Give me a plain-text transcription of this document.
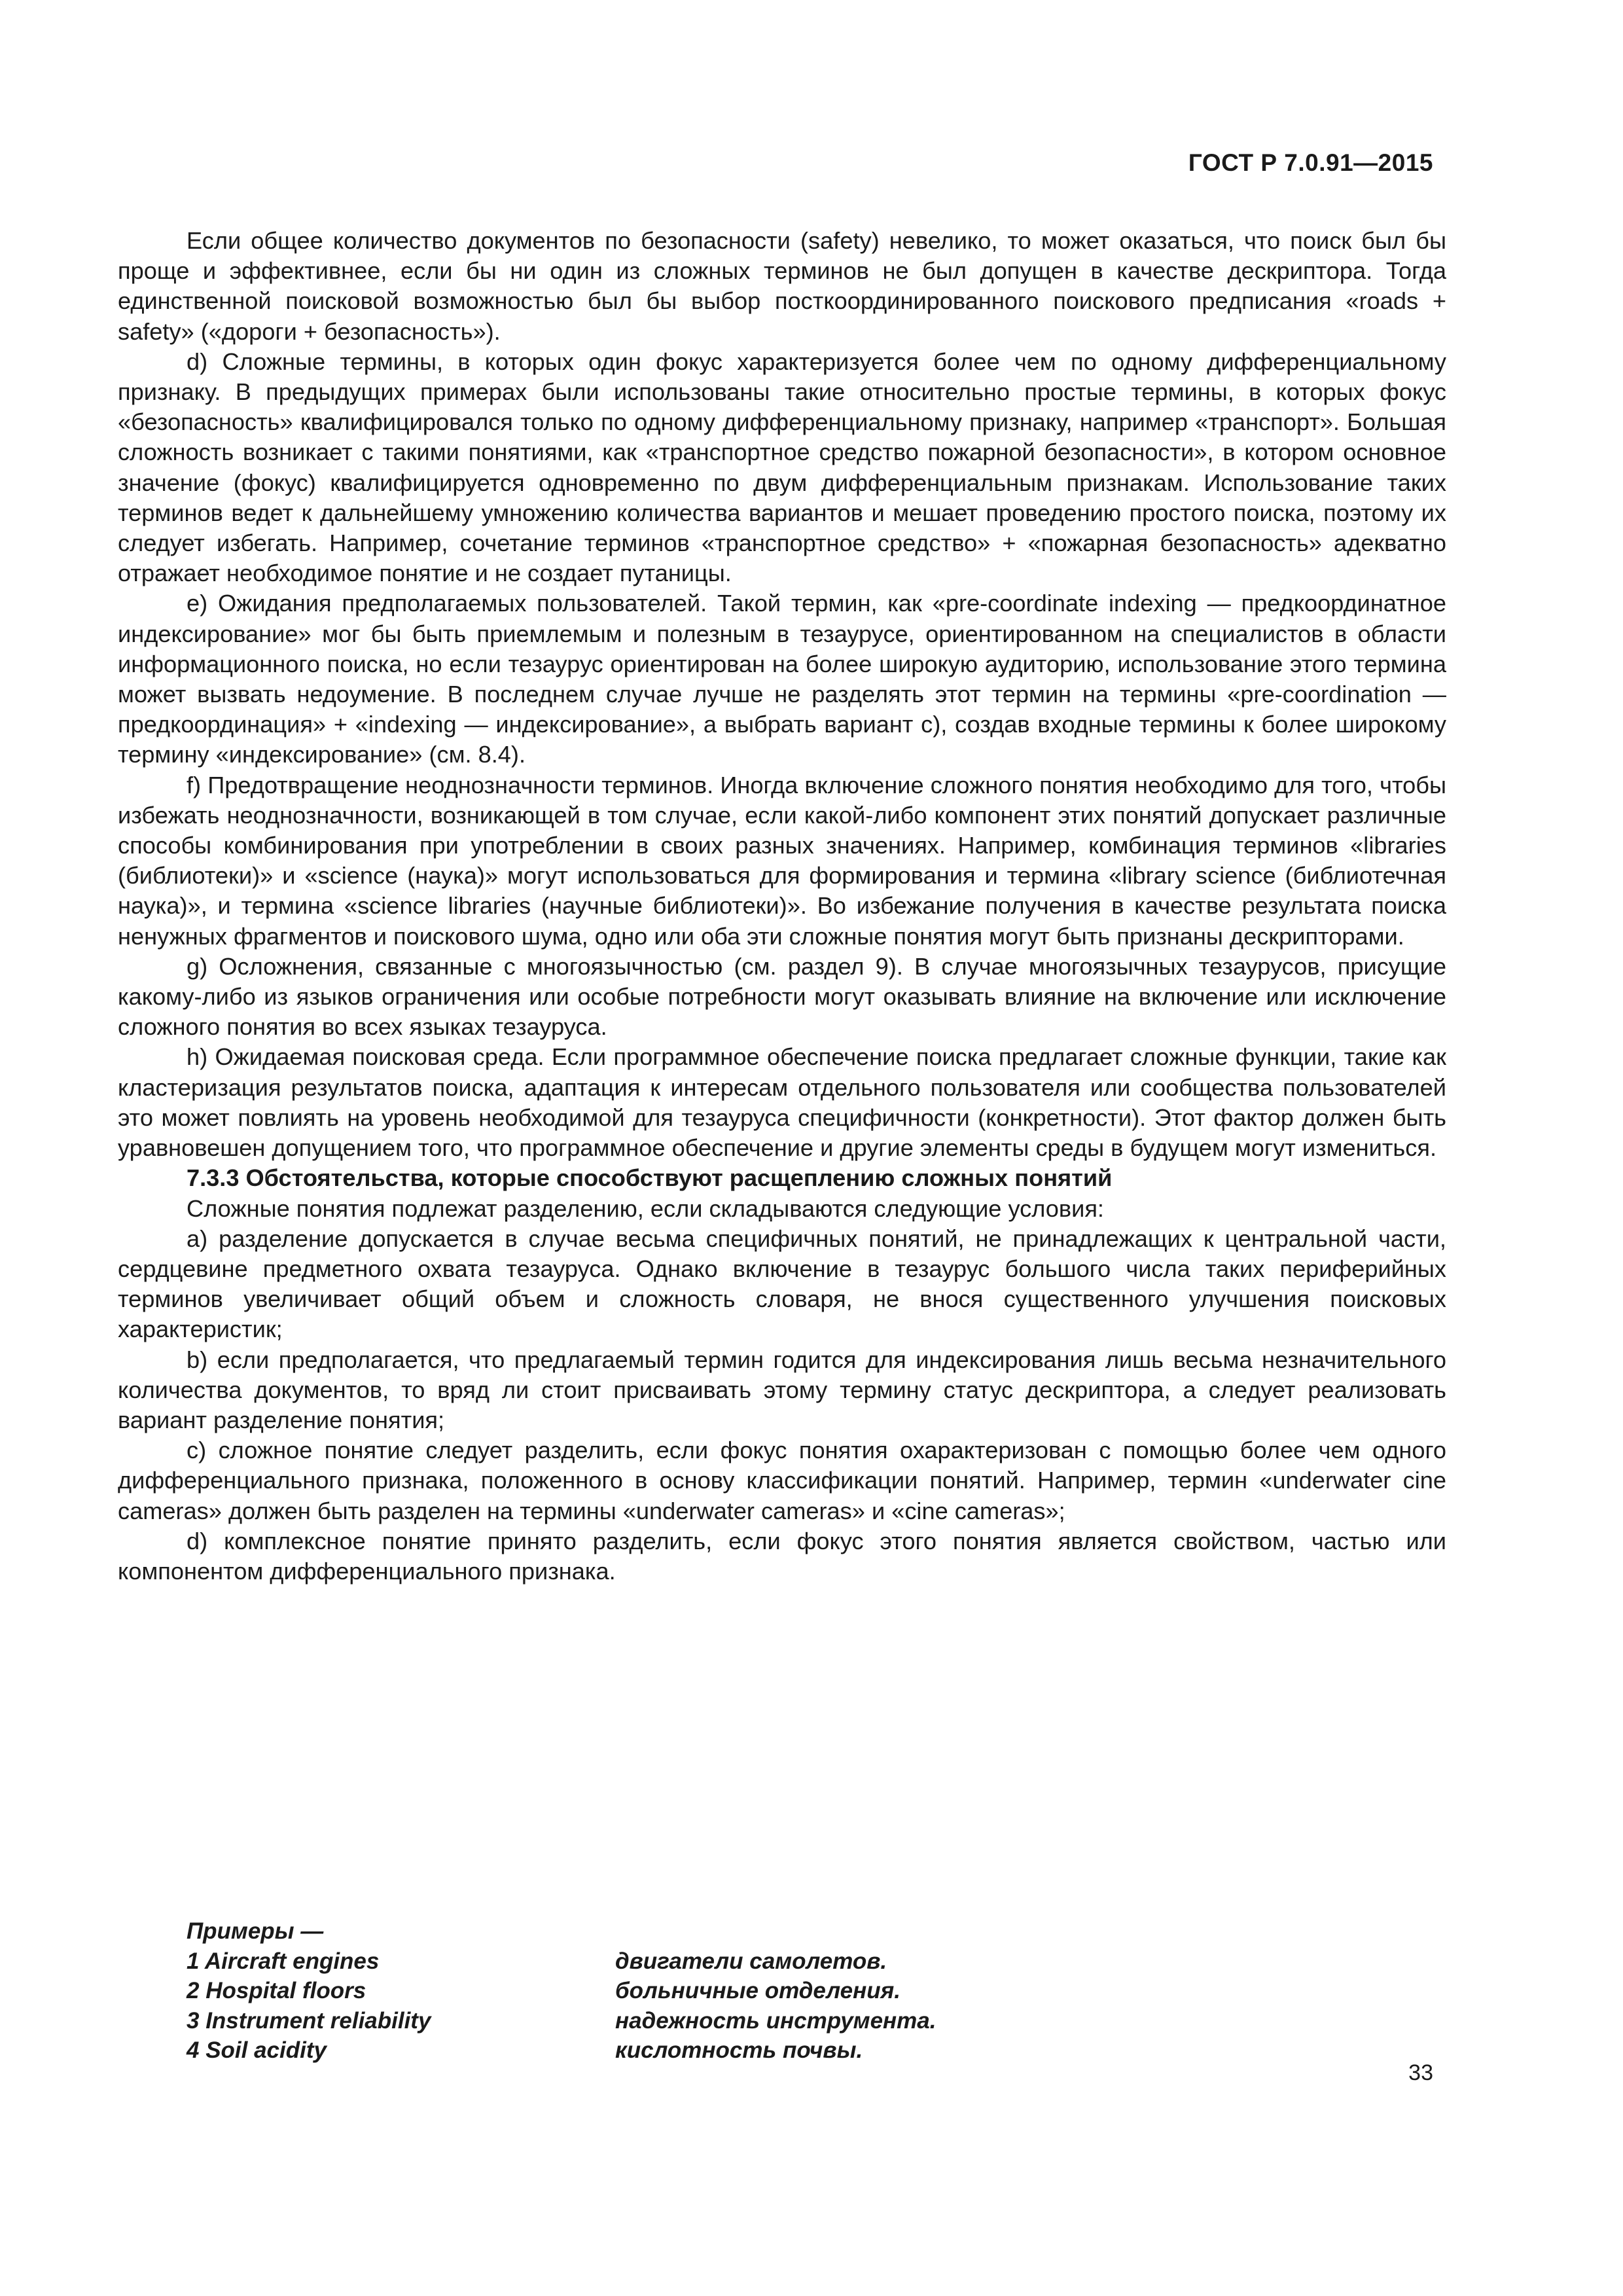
ГОСТ Р 7.0.91—2015

Если общее количество документов по безопасности (safety) невелико, то может оказаться, что поиск был бы проще и эффективнее, если бы ни один из сложных терминов не был допущен в качестве дескриптора. Тогда единственной поисковой возможностью был бы выбор посткоординированного поискового предписания «roads + safety» («дороги + безопасность»).

d) Сложные термины, в которых один фокус характеризуется более чем по одному дифференциальному признаку. В предыдущих примерах были использованы такие относительно простые термины, в которых фокус «безопасность» квалифицировался только по одному дифференциальному признаку, например «транспорт». Большая сложность возникает с такими понятиями, как «транспортное средство пожарной безопасности», в котором основное значение (фокус) квалифицируется одновременно по двум дифференциальным признакам. Использование таких терминов ведет к дальнейшему умножению количества вариантов и мешает проведению простого поиска, поэтому их следует избегать. Например, сочетание терминов «транспортное средство» + «пожарная безопасность» адекватно отражает необходимое понятие и не создает путаницы.

e) Ожидания предполагаемых пользователей. Такой термин, как «pre-coordinate indexing — предкоординатное индексирование» мог бы быть приемлемым и полезным в тезаурусе, ориентированном на специалистов в области информационного поиска, но если тезаурус ориентирован на более широкую аудиторию, использование этого термина может вызвать недоумение. В последнем случае лучше не разделять этот термин на термины «pre-coordination — предкоординация» + «indexing — индексирование», а выбрать вариант с), создав входные термины к более широкому термину «индексирование» (см. 8.4).

f) Предотвращение неоднозначности терминов. Иногда включение сложного понятия необходимо для того, чтобы избежать неоднозначности, возникающей в том случае, если какой-либо компонент этих понятий допускает различные способы комбинирования при употреблении в своих разных значениях. Например, комбинация терминов «libraries (библиотеки)» и «science (наука)» могут использоваться для формирования и термина «library science (библиотечная наука)», и термина «science libraries (научные библиотеки)». Во избежание получения в качестве результата поиска ненужных фрагментов и поискового шума, одно или оба эти сложные понятия могут быть признаны дескрипторами.

g) Осложнения, связанные с многоязычностью (см. раздел 9). В случае многоязычных тезаурусов, присущие какому-либо из языков ограничения или особые потребности могут оказывать влияние на включение или исключение сложного понятия во всех языках тезауруса.

h) Ожидаемая поисковая среда. Если программное обеспечение поиска предлагает сложные функции, такие как кластеризация результатов поиска, адаптация к интересам отдельного пользователя или сообщества пользователей это может повлиять на уровень необходимой для тезауруса специфичности (конкретности). Этот фактор должен быть уравновешен допущением того, что программное обеспечение и другие элементы среды в будущем могут измениться.

7.3.3 Обстоятельства, которые способствуют расщеплению сложных понятий

Сложные понятия подлежат разделению, если складываются следующие условия:

а) разделение допускается в случае весьма специфичных понятий, не принадлежащих к центральной части, сердцевине предметного охвата тезауруса. Однако включение в тезаурус большого числа таких периферийных терминов увеличивает общий объем и сложность словаря, не внося существенного улучшения поисковых характеристик;

b) если предполагается, что предлагаемый термин годится для индексирования лишь весьма незначительного количества документов, то вряд ли стоит присваивать этому термину статус дескриптора, а следует реализовать вариант разделение понятия;

с) сложное понятие следует разделить, если фокус понятия охарактеризован с помощью более чем одного дифференциального признака, положенного в основу классификации понятий. Например, термин «underwater cine cameras» должен быть разделен на термины «underwater cameras» и «cine cameras»;

d) комплексное понятие принято разделить, если фокус этого понятия является свойством, частью или компонентом дифференциального признака.

Примеры —
1 Aircraft engines	двигатели самолетов.
2 Hospital floors	больничные отделения.
3 Instrument reliability	надежность инструмента.
4 Soil acidity	кислотность почвы.
33
